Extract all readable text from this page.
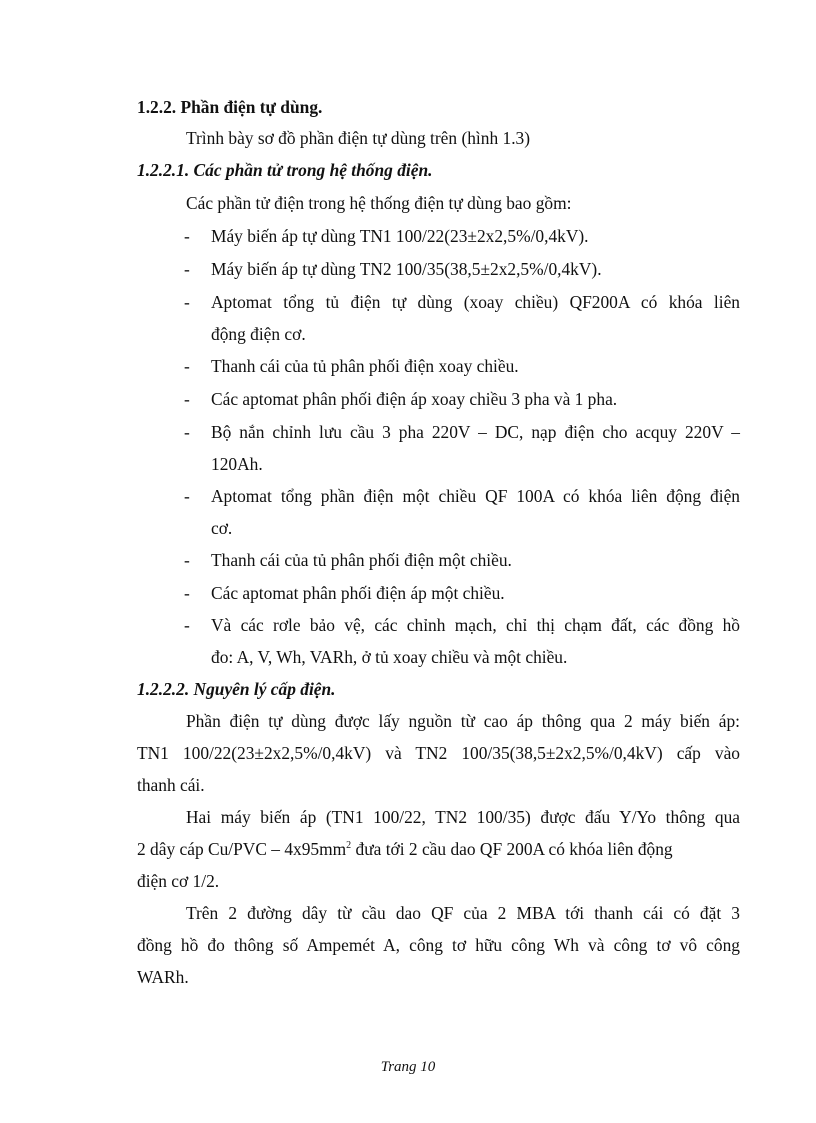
1.2.2. Phần điện tự dùng.
Trình bày sơ đồ phần điện tự dùng trên (hình 1.3)
1.2.2.1. Các phần tử trong hệ thống điện.
Các phần tử điện trong hệ thống điện tự dùng bao gồm:
- Máy biến áp tự dùng TN1 100/22(23±2x2,5%/0,4kV).
- Máy biến áp tự dùng TN2 100/35(38,5±2x2,5%/0,4kV).
- Aptomat tổng tủ điện tự dùng (xoay chiều) QF200A có khóa liên
động điện cơ.
- Thanh cái của tủ phân phối điện xoay chiều.
- Các aptomat phân phối điện áp xoay chiều 3 pha và 1 pha.
- Bộ nắn chỉnh lưu cầu 3 pha 220V – DC, nạp điện cho acquy 220V –
120Ah.
- Aptomat tổng phần điện một chiều QF 100A có khóa liên động điện
cơ.
- Thanh cái của tủ phân phối điện một chiều.
- Các aptomat phân phối điện áp một chiều.
- Và các rơle bảo vệ, các chỉnh mạch, chỉ thị chạm đất, các đồng hồ
đo: A, V, Wh, VARh, ở tủ xoay chiều và một chiều.
1.2.2.2. Nguyên lý cấp điện.
Phần điện tự dùng được lấy nguồn từ cao áp thông qua 2 máy biến áp:
TN1 100/22(23±2x2,5%/0,4kV) và TN2 100/35(38,5±2x2,5%/0,4kV) cấp vào
thanh cái.
Hai máy biến áp (TN1 100/22, TN2 100/35) được đấu Y/Yo thông qua
2 dây cáp $Cu/PVC - 4x95mm^2$ đưa tới 2 cầu dao QF 200A có khóa liên động
điện cơ 1/2.
Trên 2 đường dây từ cầu dao QF của 2 MBA tới thanh cái có đặt 3
đồng hồ đo thông số Ampemét A, công tơ hữu công Wh và công tơ vô công
WARh.
Trang 10
